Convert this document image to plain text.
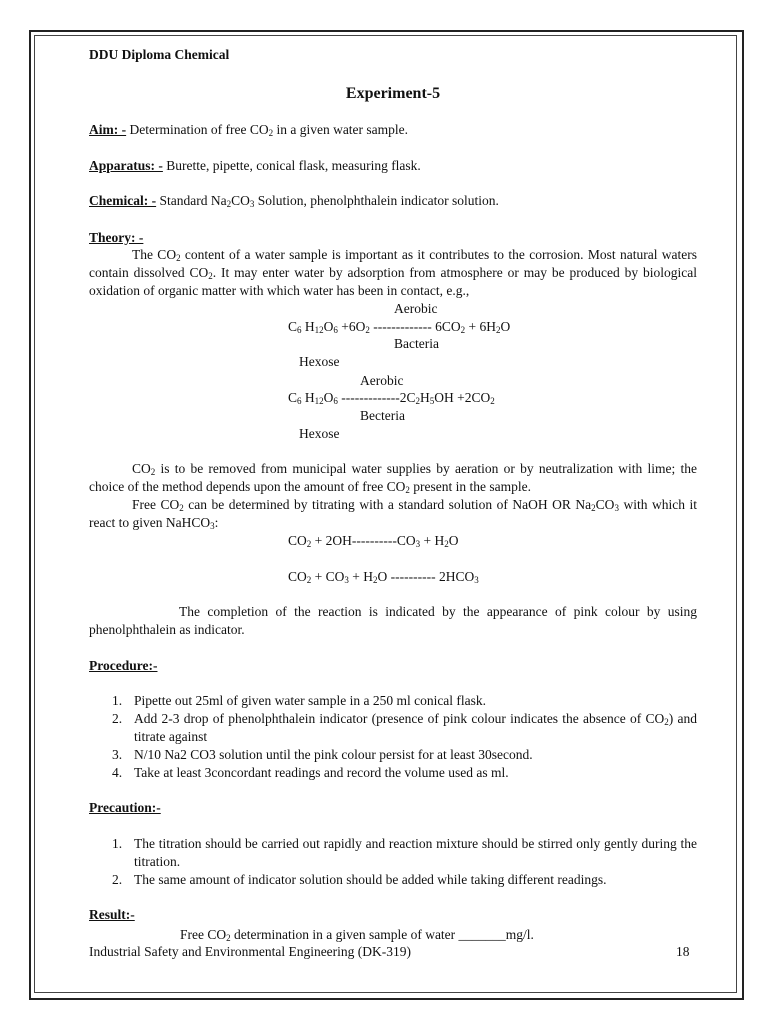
DDU Diploma Chemical
Experiment-5
Aim: - Determination of free $CO_2$ in a given water sample.
Apparatus: - Burette, pipette, conical flask, measuring flask.
Chemical: - Standard $Na_2CO_3$ Solution, phenolphthalein indicator solution.
Theory: -
The $CO_2$ content of a water sample is important as it contributes to the corrosion. Most natural waters contain dissolved $CO_2$. It may enter water by adsorption from atmosphere or may be produced by biological oxidation of organic matter with which water has been in contact, e.g.,
Aerobic
$C_6$ $H_{12}O_6 +6O_2$ ------------- $6CO_2 + 6H_2O$
Bacteria
Hexose
Aerobic
$C_6$ $H_{12}O_6$ $-------------2C_2H_5OH +2CO_2$
Becteria
Hexose
$CO_2$ is to be removed from municipal water supplies by aeration or by neutralization with lime; the choice of the method depends upon the amount of free $CO_2$ present in the sample.
Free $CO_2$ can be determined by titrating with a standard solution of NaOH OR $Na_2CO_3$ with which it react to given NaHCO$_3$:
$CO_2 + 2OH----------CO_3 + H_2O$
$CO_2 + CO_3 + H_2O$ ---------- $2HCO_3$
The completion of the reaction is indicated by the appearance of pink colour by using phenolphthalein as indicator.
Procedure:-
1. Pipette out 25ml of given water sample in a 250 ml conical flask.
2. Add 2-3 drop of phenolphthalein indicator (presence of pink colour indicates the absence of $CO_2$) and titrate against
3. N/10 Na2 CO3 solution until the pink colour persist for at least 30second.
4. Take at least 3concordant readings and record the volume used as ml.
Precaution:-
1. The titration should be carried out rapidly and reaction mixture should be stirred only gently during the titration.
2. The same amount of indicator solution should be added while taking different readings.
Result:-
Free $CO_2$ determination in a given sample of water _______mg/l.
Industrial Safety and Environmental Engineering (DK-319)	18
